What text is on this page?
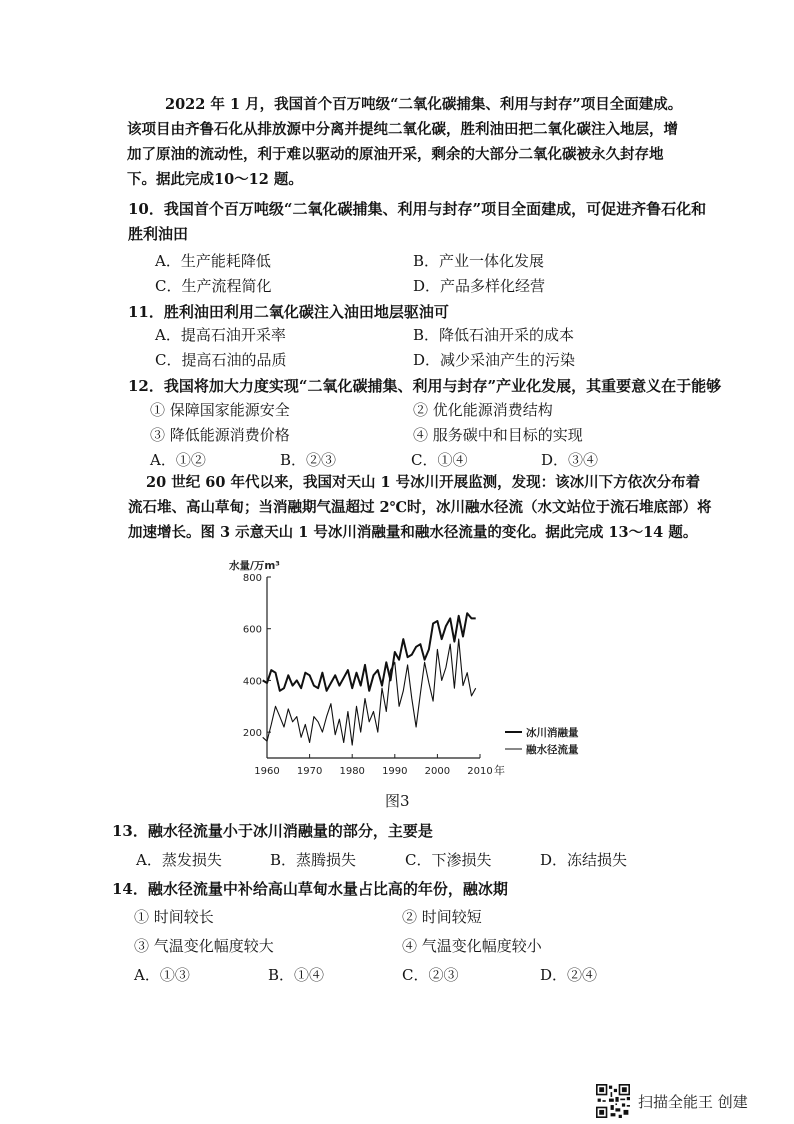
2022 年 1 月，我国首个百万吨级“二氧化碳捕集、利用与封存”项目全面建成。该项目由齐鲁石化从排放源中分离并提纯二氧化碳，胜利油田把二氧化碳注入地层，增加了原油的流动性，利于难以驱动的原油开采，剩余的大部分二氧化碳被永久封存地下。据此完成10～12 题。

10．我国首个百万吨级“二氧化碳捕集、利用与封存”项目全面建成，可促进齐鲁石化和
胜利油田
A．生产能耗降低	B．产业一体化发展
C．生产流程简化	D．产品多样化经营
11．胜利油田利用二氧化碳注入油田地层驱油可
A．提高石油开采率	B．降低石油开采的成本
C．提高石油的品质	D．减少采油产生的污染
12．我国将加大力度实现“二氧化碳捕集、利用与封存”产业化发展，其重要意义在于能够
① 保障国家能源安全	② 优化能源消费结构
③ 降低能源消费价格	④ 服务碳中和目标的实现
A．①②	B．②③	C．①④	D．③④

20 世纪 60 年代以来，我国对天山 1 号冰川开展监测，发现：该冰川下方依次分布着流石堆、高山草甸；当消融期气温超过 2℃时，冰川融水径流（水文站位于流石堆底部）将加速增长。图 3 示意天山 1 号冰川消融量和融水径流量的变化。据此完成 13～14 题。

200
400
600
800
1960 1970 1980 1990 2000 2010 年
水量/万m³
冰川消融量
融水径流量
图3
13．融水径流量小于冰川消融量的部分，主要是
A．蒸发损失	B．蒸腾损失	C．下渗损失	D．冻结损失
14．融水径流量中补给高山草甸水量占比高的年份，融冰期
① 时间较长	② 时间较短
③ 气温变化幅度较大	④ 气温变化幅度较小
A．①③	B．①④	C．②③	D．②④
扫描全能王 创建
